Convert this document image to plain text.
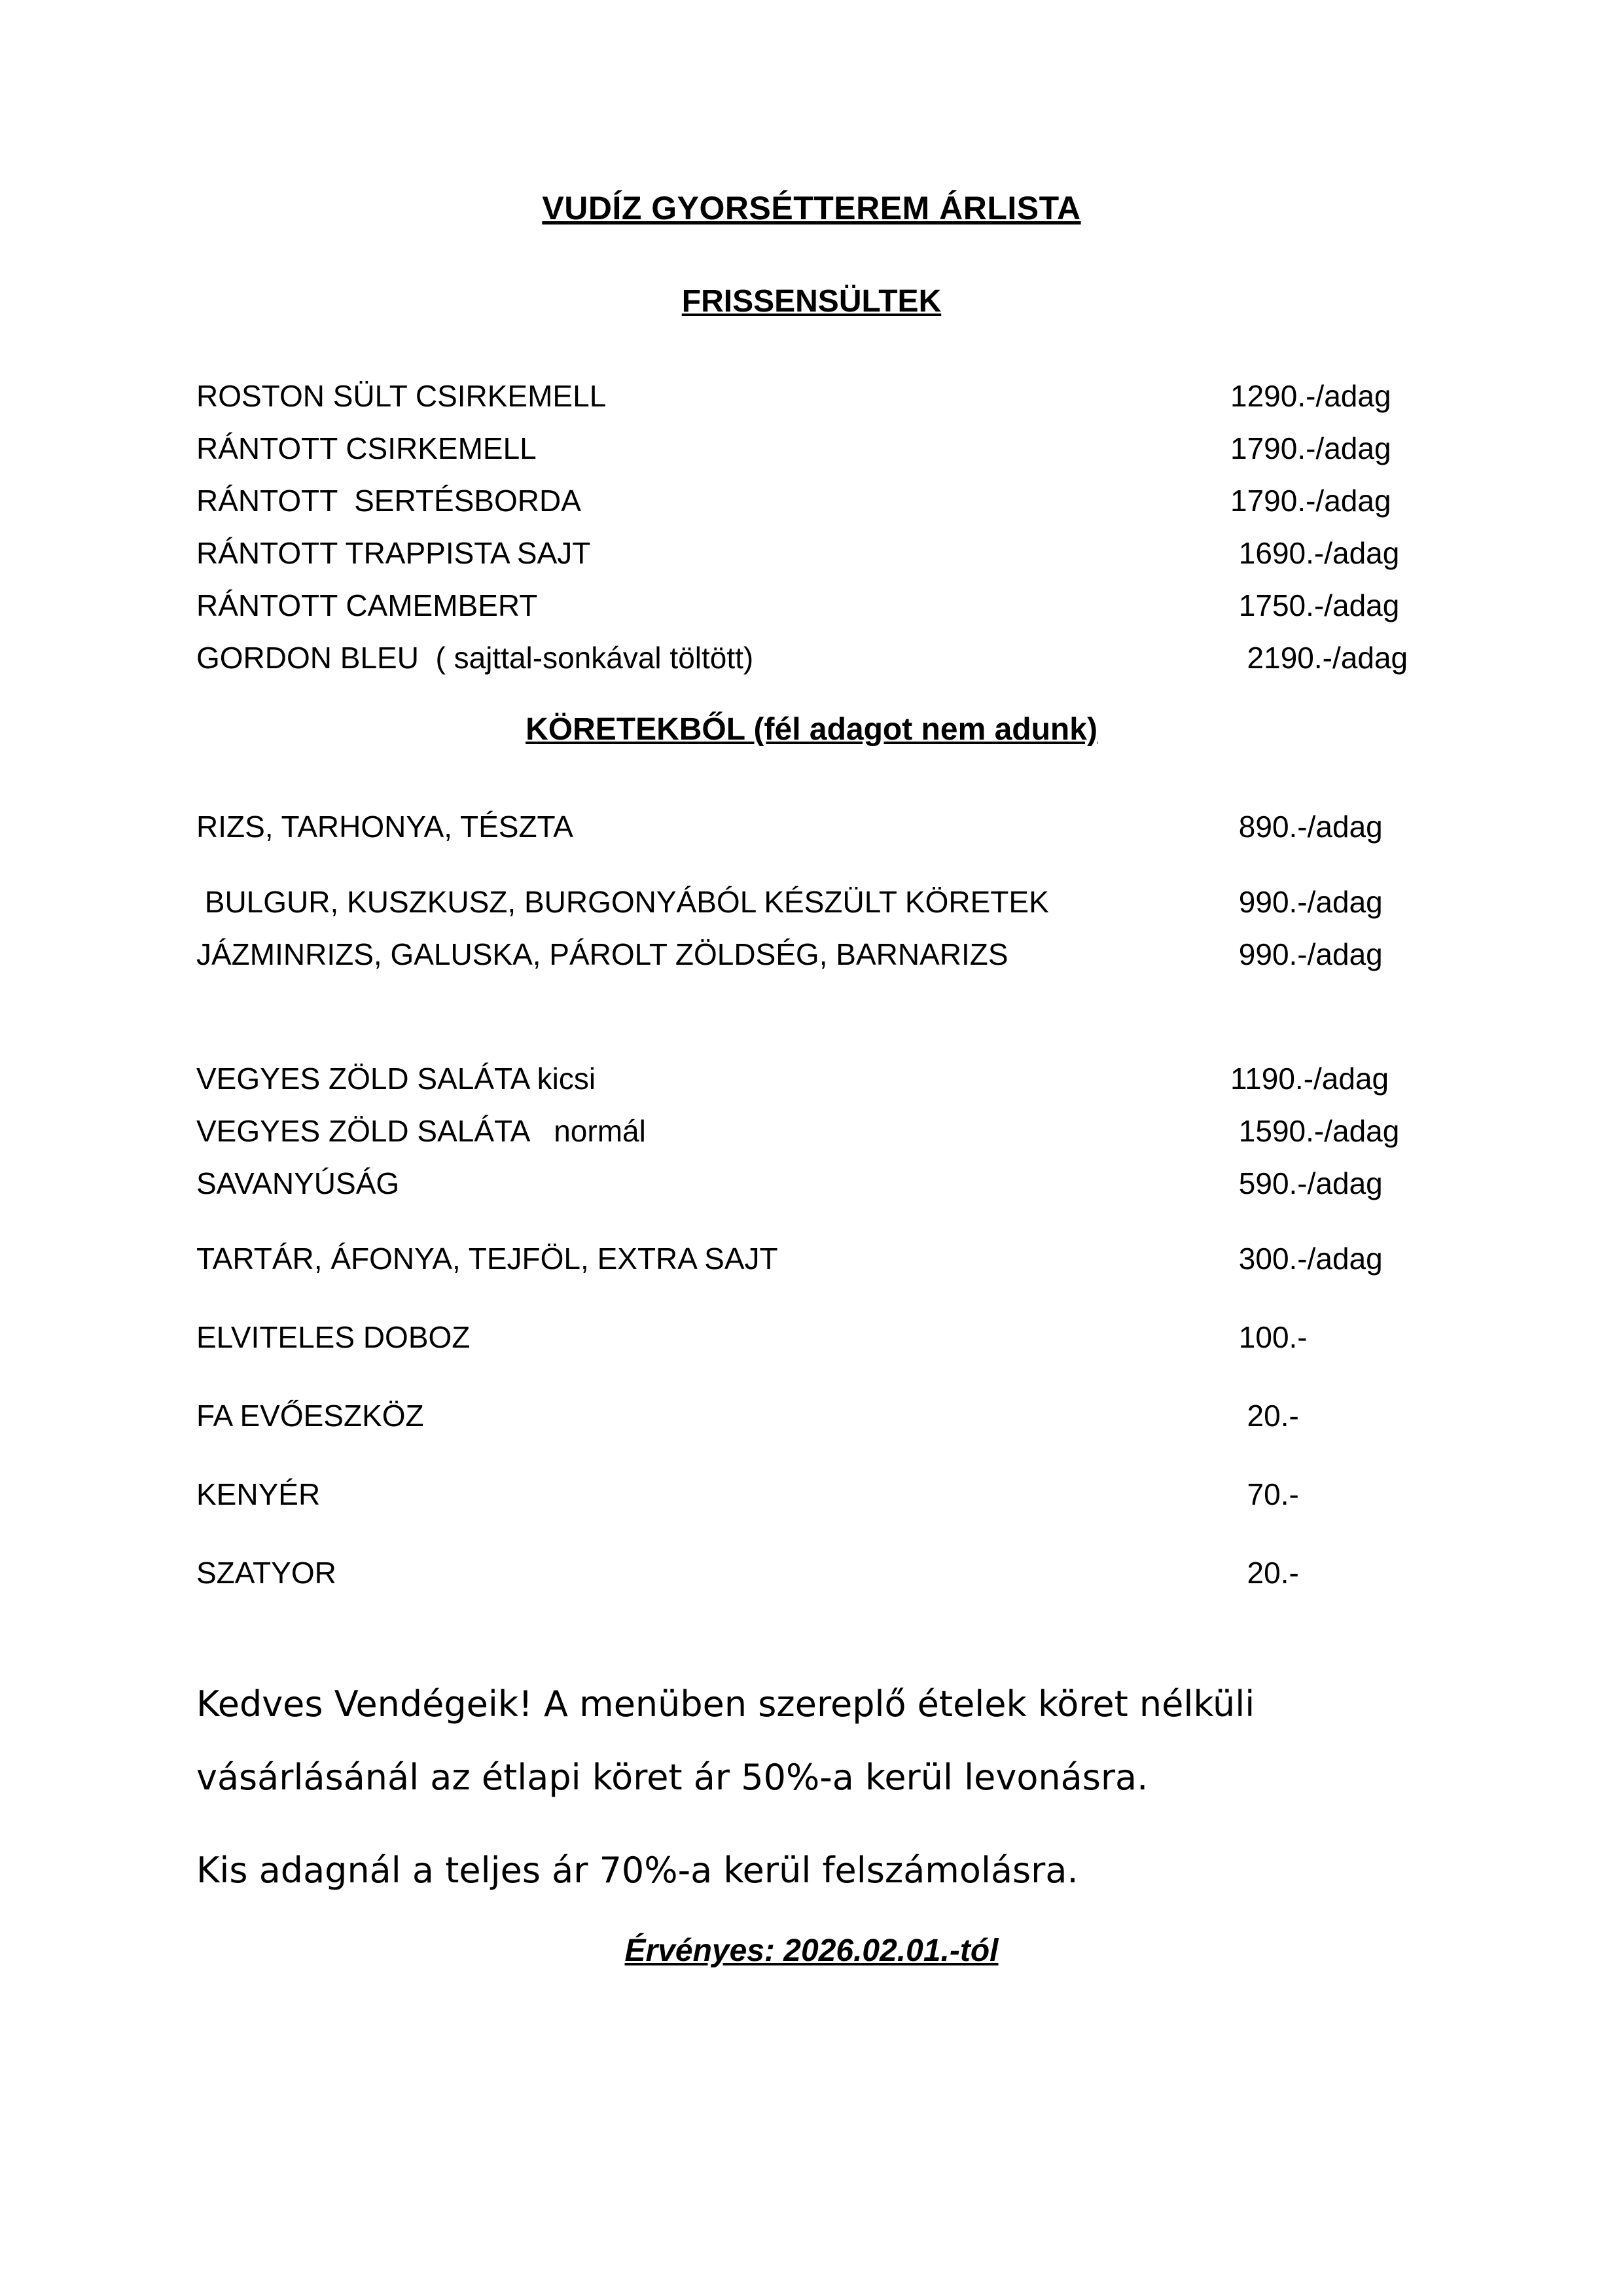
VUDÍZ GYORSÉTTEREM ÁRLISTA
FRISSENSÜLTEK
ROSTON SÜLT CSIRKEMELL	1290.-/adag
RÁNTOTT CSIRKEMELL	1790.-/adag
RÁNTOTT  SERTÉSBORDA	1790.-/adag
RÁNTOTT TRAPPISTA SAJT	1690.-/adag
RÁNTOTT CAMEMBERT	1750.-/adag
GORDON BLEU  ( sajttal-sonkával töltött)	2190.-/adag
KÖRETEKBŐL (fél adagot nem adunk)
RIZS, TARHONYA, TÉSZTA	890.-/adag
BULGUR, KUSZKUSZ, BURGONYÁBÓL KÉSZÜLT KÖRETEK	990.-/adag
JÁZMINRIZS, GALUSKA, PÁROLT ZÖLDSÉG, BARNARIZS	990.-/adag
VEGYES ZÖLD SALÁTA kicsi	1190.-/adag
VEGYES ZÖLD SALÁTA   normál	1590.-/adag
SAVANYÚSÁG	590.-/adag
TARTÁR, ÁFONYA, TEJFÖL, EXTRA SAJT	300.-/adag
ELVITELES DOBOZ	100.-
FA EVŐESZKÖZ	20.-
KENYÉR	70.-
SZATYOR	20.-

Kedves Vendégeik! A menüben szereplő ételek köret nélküli vásárlásánál az étlapi köret ár 50%-a kerül levonásra.

Kis adagnál a teljes ár 70%-a kerül felszámolásra.

Érvényes: 2026.02.01.-tól
